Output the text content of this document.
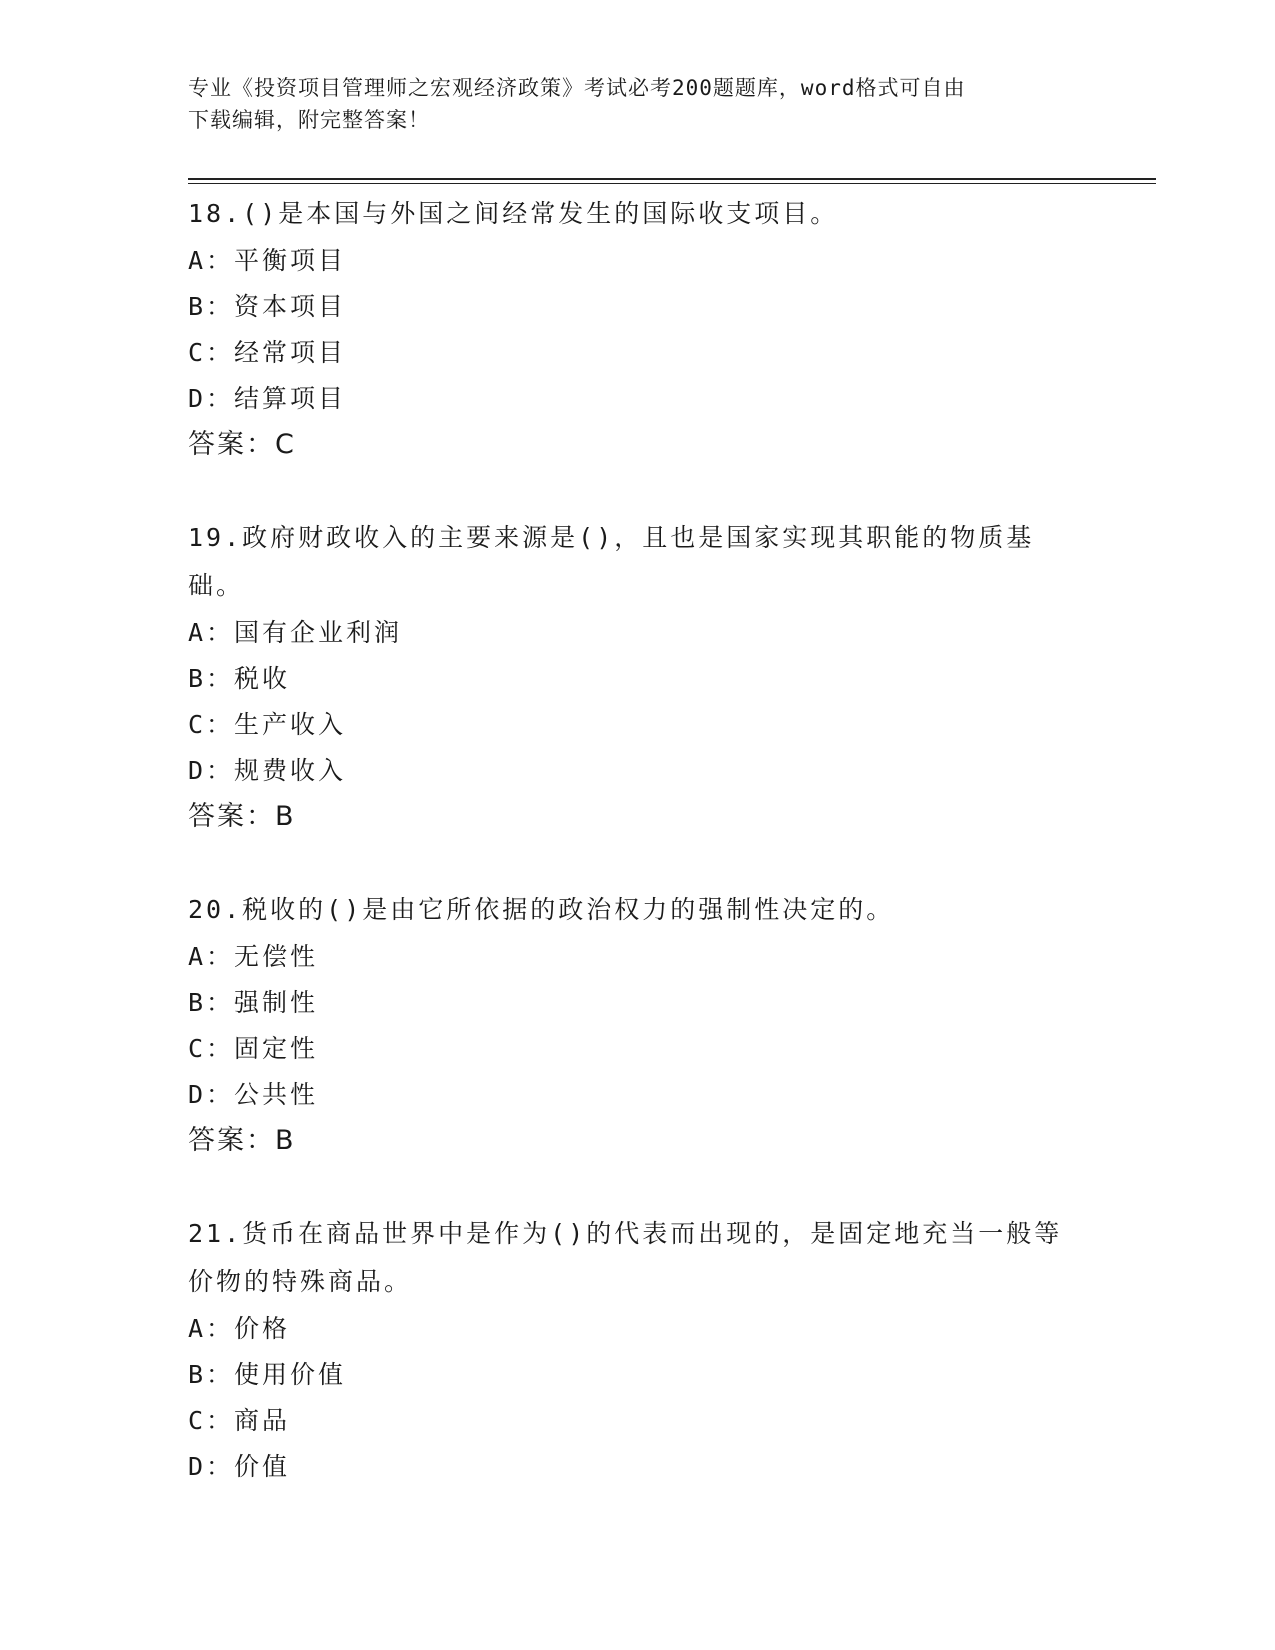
专业《投资项目管理师之宏观经济政策》考试必考200题题库，word格式可自由
下载编辑，附完整答案！
18.()是本国与外国之间经常发生的国际收支项目。
A：平衡项目
B：资本项目
C：经常项目
D：结算项目
答案：C
19.政府财政收入的主要来源是()，且也是国家实现其职能的物质基础。
A：国有企业利润
B：税收
C：生产收入
D：规费收入
答案：B
20.税收的()是由它所依据的政治权力的强制性决定的。
A：无偿性
B：强制性
C：固定性
D：公共性
答案：B
21.货币在商品世界中是作为()的代表而出现的，是固定地充当一般等价物的特殊商品。
A：价格
B：使用价值
C：商品
D：价值
